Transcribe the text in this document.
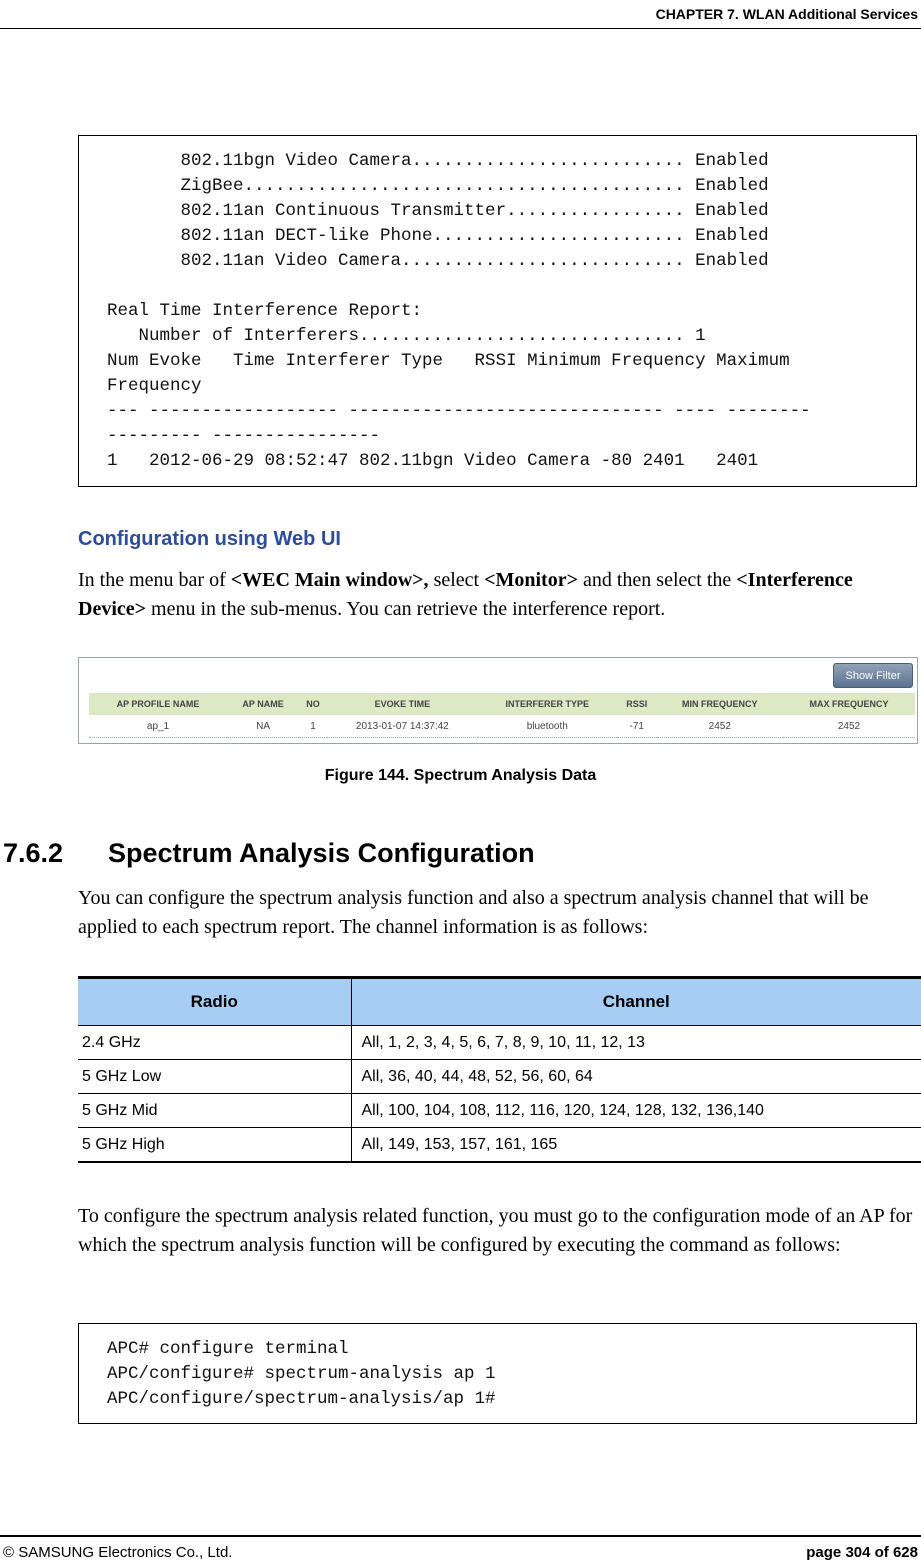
CHAPTER 7. WLAN Additional Services
802.11bgn Video Camera.......................... Enabled
ZigBee.......................................... Enabled
802.11an Continuous Transmitter................. Enabled
802.11an DECT-like Phone........................ Enabled
802.11an Video Camera........................... Enabled
Real Time Interference Report:
Number of Interferers............................... 1
Num Evoke   Time Interferer Type   RSSI Minimum Frequency Maximum
Frequency
--- ------------------ ------------------------------ ---- --------
--------- ----------------
1   2012-06-29 08:52:47 802.11bgn Video Camera -80 2401   2401
Configuration using Web UI
In the menu bar of <WEC Main window>, select <Monitor> and then select the <Interference Device> menu in the sub-menus. You can retrieve the interference report.
Show Filter
AP PROFILE NAME	AP NAME	NO	EVOKE TIME	INTERFERER TYPE	RSSI	MIN FREQUENCY	MAX FREQUENCY
ap_1	NA	1	2013-01-07 14:37:42	bluetooth	-71	2452	2452
Figure 144. Spectrum Analysis Data
7.6.2 Spectrum Analysis Configuration
You can configure the spectrum analysis function and also a spectrum analysis channel that will be applied to each spectrum report. The channel information is as follows:
Radio	Channel
2.4 GHz	All, 1, 2, 3, 4, 5, 6, 7, 8, 9, 10, 11, 12, 13
5 GHz Low	All, 36, 40, 44, 48, 52, 56, 60, 64
5 GHz Mid	All, 100, 104, 108, 112, 116, 120, 124, 128, 132, 136,140
5 GHz High	All, 149, 153, 157, 161, 165
To configure the spectrum analysis related function, you must go to the configuration mode of an AP for which the spectrum analysis function will be configured by executing the command as follows:
APC# configure terminal
APC/configure# spectrum-analysis ap 1
APC/configure/spectrum-analysis/ap 1#
© SAMSUNG Electronics Co., Ltd.	page 304 of 628
